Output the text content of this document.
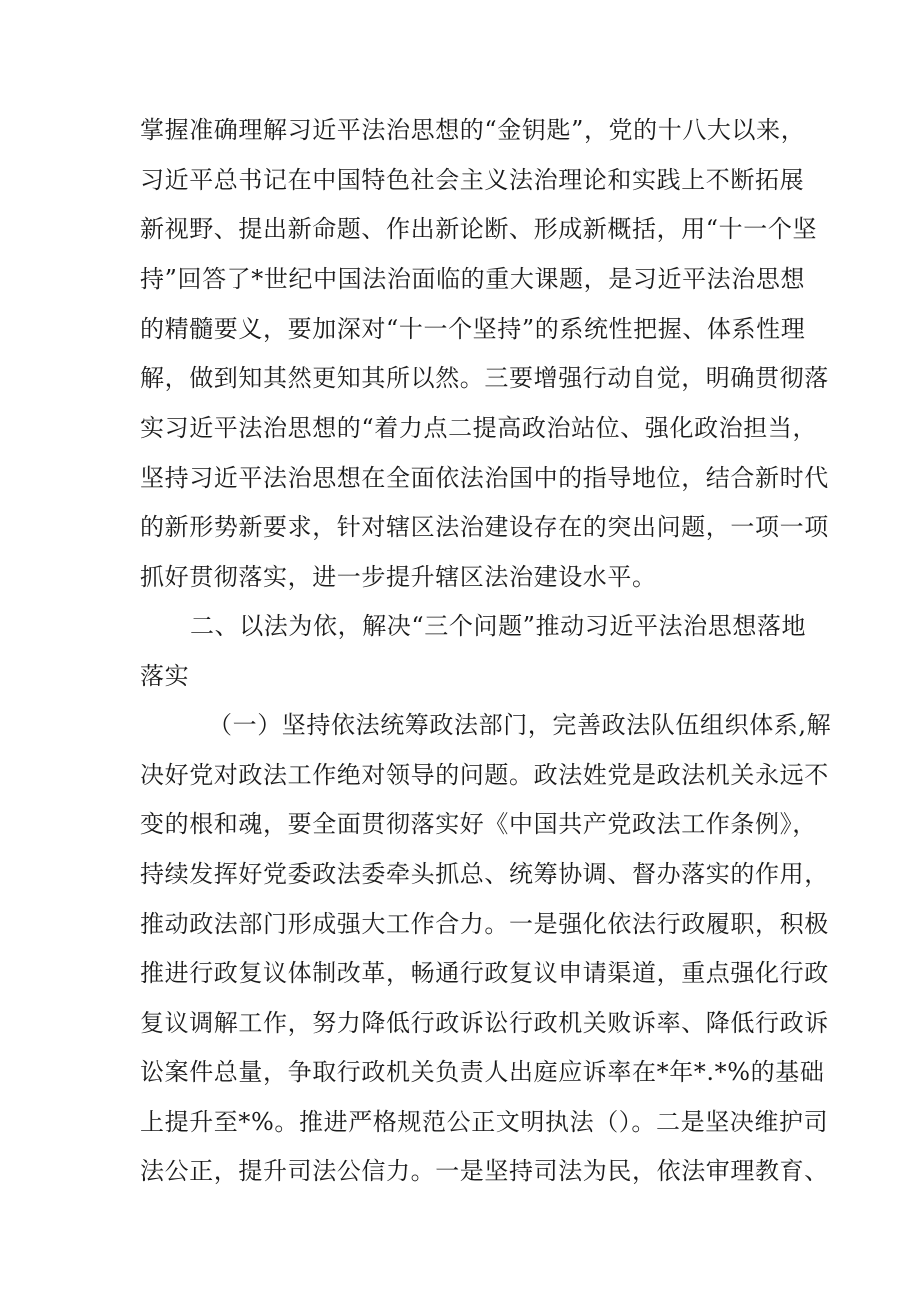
掌握准确理解习近平法治思想的“金钥匙”，党的十八大以来，
习近平总书记在中国特色社会主义法治理论和实践上不断拓展
新视野、提出新命题、作出新论断、形成新概括，用“十一个坚
持”回答了*世纪中国法治面临的重大课题，是习近平法治思想
的精髓要义，要加深对“十一个坚持”的系统性把握、体系性理
解，做到知其然更知其所以然。三要增强行动自觉，明确贯彻落
实习近平法治思想的“着力点二提高政治站位、强化政治担当，
坚持习近平法治思想在全面依法治国中的指导地位，结合新时代
的新形势新要求，针对辖区法治建设存在的突出问题，一项一项
抓好贯彻落实，进一步提升辖区法治建设水平。
二、以法为依，解决“三个问题”推动习近平法治思想落地
落实
（一）坚持依法统筹政法部门，完善政法队伍组织体系,解
决好党对政法工作绝对领导的问题。政法姓党是政法机关永远不
变的根和魂，要全面贯彻落实好《中国共产党政法工作条例》，
持续发挥好党委政法委牵头抓总、统筹协调、督办落实的作用，
推动政法部门形成强大工作合力。一是强化依法行政履职，积极
推进行政复议体制改革，畅通行政复议申请渠道，重点强化行政
复议调解工作，努力降低行政诉讼行政机关败诉率、降低行政诉
讼案件总量，争取行政机关负责人出庭应诉率在*年*.*%的基础
上提升至*%。推进严格规范公正文明执法（）。二是坚决维护司
法公正，提升司法公信力。一是坚持司法为民，依法审理教育、
